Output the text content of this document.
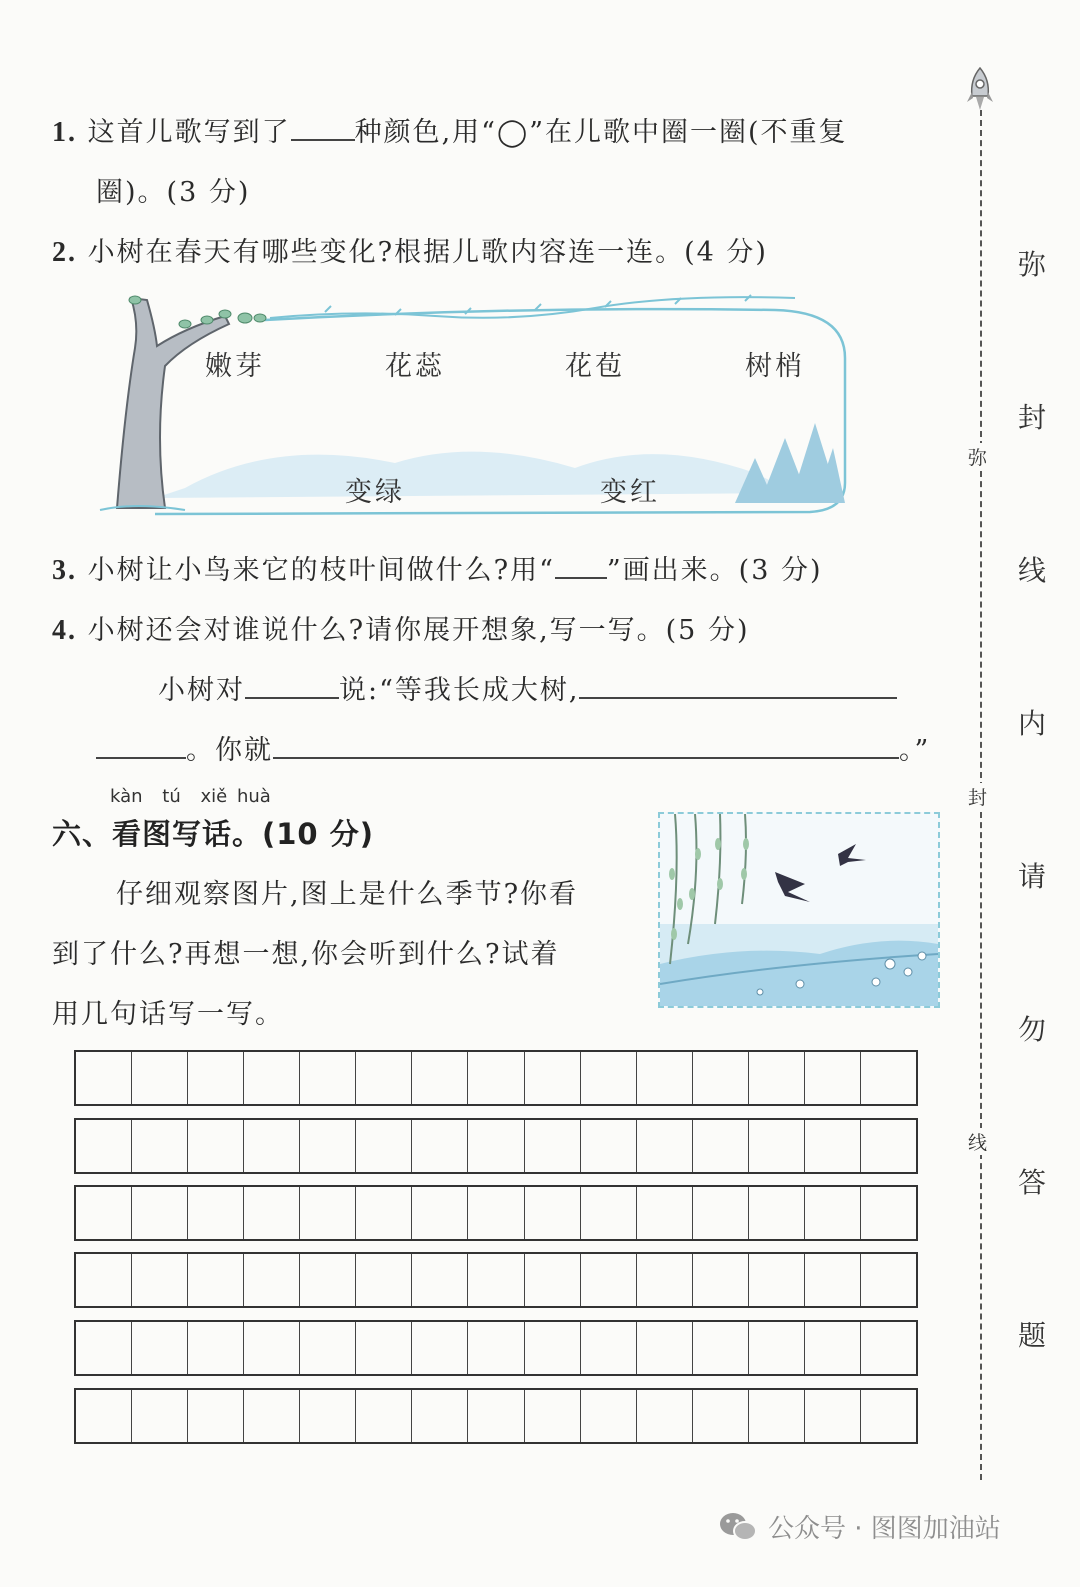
1. 这首儿歌写到了 种颜色,用“◯”在儿歌中圈一圈(不重复
圈)。(3 分)
2. 小树在春天有哪些变化?根据儿歌内容连一连。(4 分)
嫩芽	花蕊	花苞	树梢
变绿	变红
3. 小树让小鸟来它的枝叶间做什么?用“ ”画出来。(3 分)
4. 小树还会对谁说什么?请你展开想象,写一写。(5 分)
小树对	说:“等我长成大树,
。你就	。”
kàn tú xiě huà
六、看图写话。(10 分)
仔细观察图片,图上是什么季节?你看
到了什么?再想一想,你会听到什么?试着
用几句话写一写。
弥
封
线
弥
封
线
内
请
勿
答
题
公众号 · 图图加油站
